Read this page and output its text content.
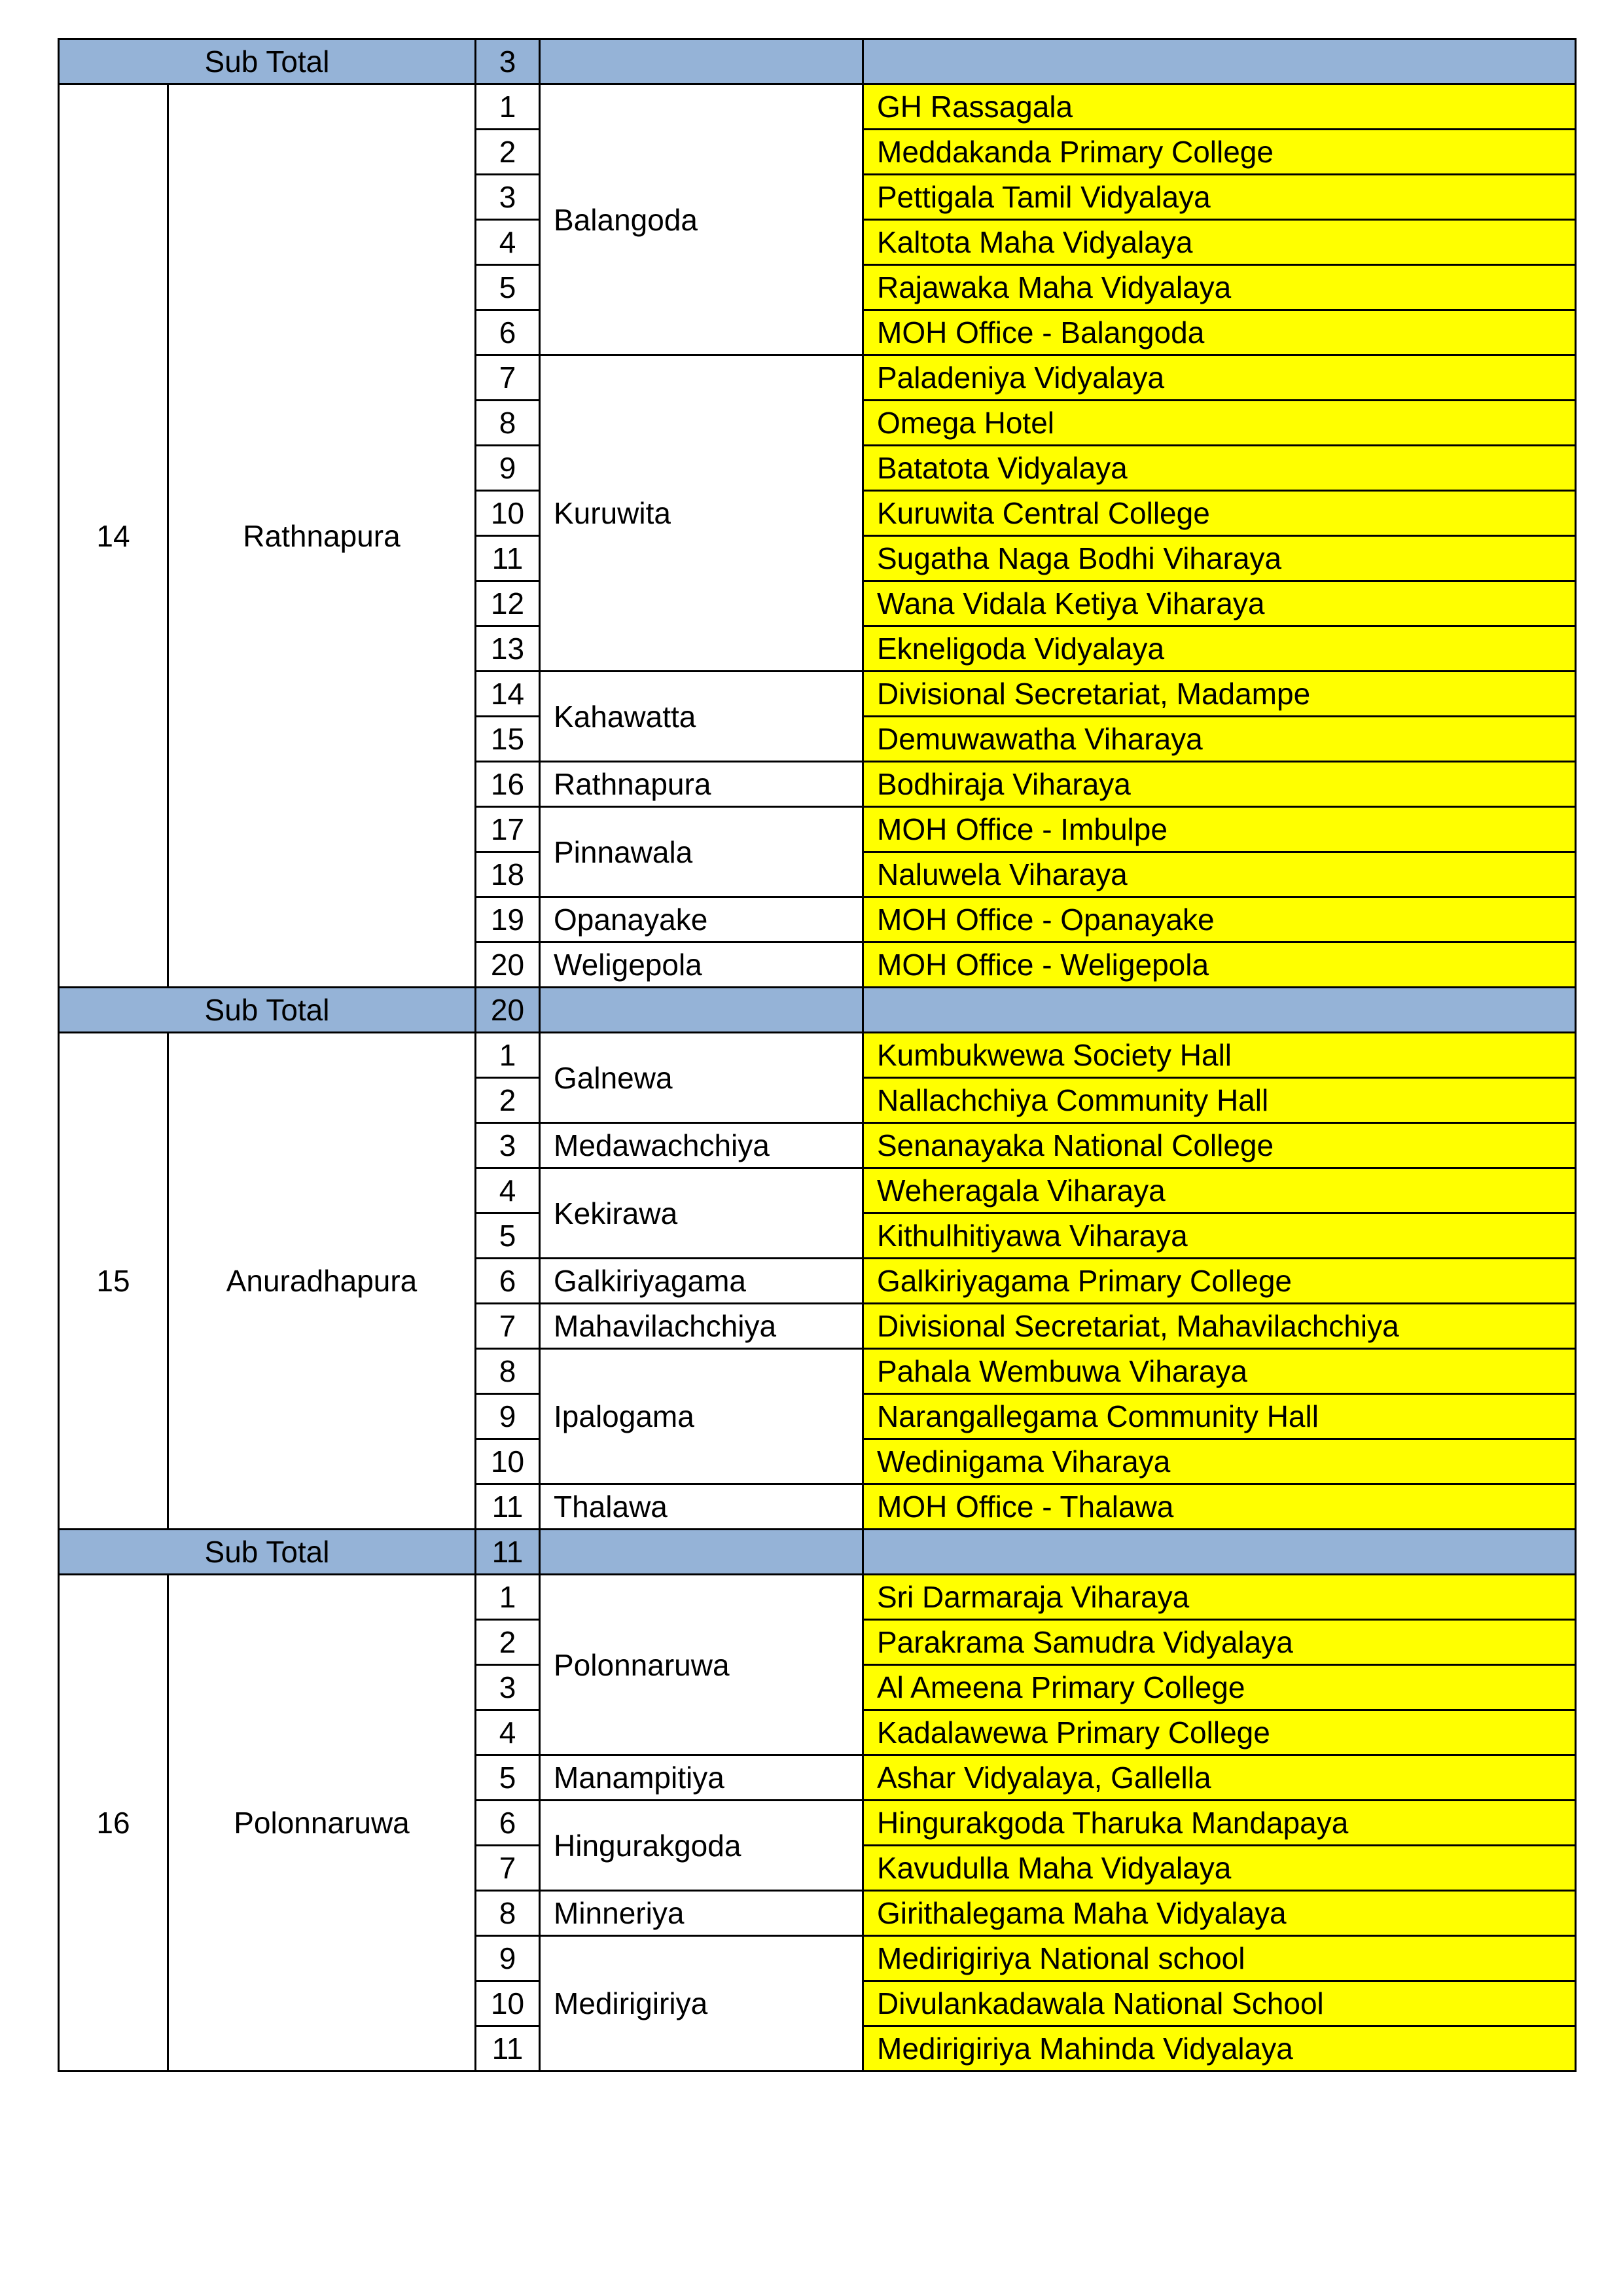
Sub Total		3		
14	Rathnapura	1	Balangoda	GH Rassagala
		2		Meddakanda Primary College
		3		Pettigala Tamil Vidyalaya
		4		Kaltota Maha Vidyalaya
		5		Rajawaka Maha Vidyalaya
		6		MOH Office - Balangoda
		7	Kuruwita	Paladeniya Vidyalaya
		8		Omega Hotel
		9		Batatota Vidyalaya
		10		Kuruwita Central College
		11		Sugatha Naga Bodhi Viharaya
		12		Wana Vidala Ketiya Viharaya
		13		Ekneligoda Vidyalaya
		14	Kahawatta	Divisional Secretariat, Madampe
		15		Demuwawatha Viharaya
		16	Rathnapura	Bodhiraja Viharaya
		17	Pinnawala	MOH Office - Imbulpe
		18		Naluwela Viharaya
		19	Opanayake	MOH Office - Opanayake
		20	Weligepola	MOH Office - Weligepola
Sub Total		20		
15	Anuradhapura	1	Galnewa	Kumbukwewa Society Hall
		2		Nallachchiya Community Hall
		3	Medawachchiya	Senanayaka National College
		4	Kekirawa	Weheragala Viharaya
		5		Kithulhitiyawa Viharaya
		6	Galkiriyagama	Galkiriyagama Primary College
		7	Mahavilachchiya	Divisional Secretariat, Mahavilachchiya
		8	Ipalogama	Pahala Wembuwa Viharaya
		9		Narangallegama Community Hall
		10		Wedinigama Viharaya
		11	Thalawa	MOH Office - Thalawa
Sub Total		11		
16	Polonnaruwa	1	Polonnaruwa	Sri Darmaraja Viharaya
		2		Parakrama Samudra Vidyalaya
		3		Al Ameena Primary College
		4		Kadalawewa Primary College
		5	Manampitiya	Ashar Vidyalaya, Gallella
		6	Hingurakgoda	Hingurakgoda Tharuka Mandapaya
		7		Kavudulla Maha Vidyalaya
		8	Minneriya	Girithalegama Maha Vidyalaya
		9	Medirigiriya	Medirigiriya National school
		10		Divulankadawala National School
		11		Medirigiriya Mahinda Vidyalaya
